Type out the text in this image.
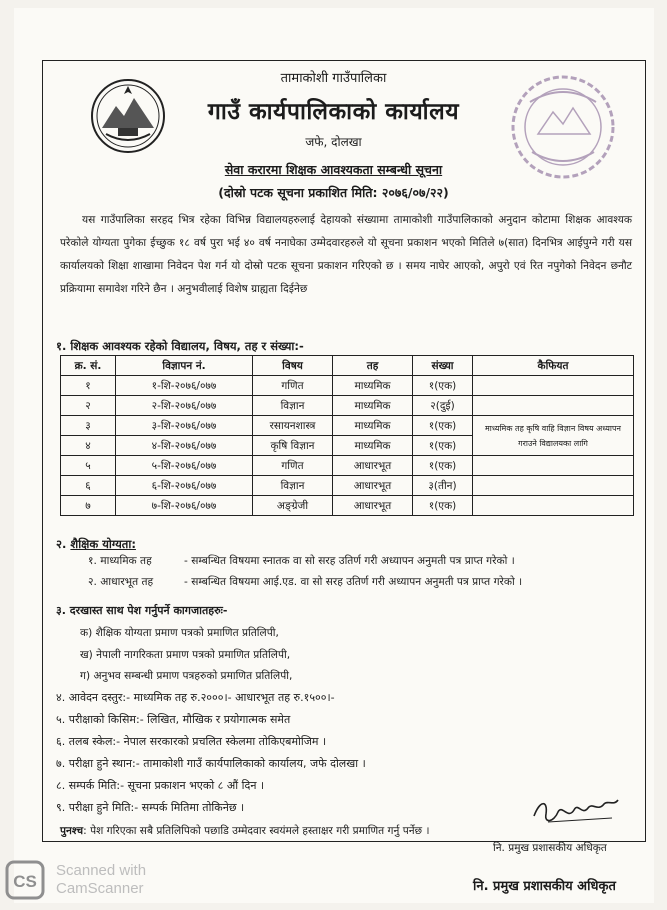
तामाकोशी गाउँपालिका
गाउँ कार्यपालिकाको कार्यालय
जफे, दोलखा
सेवा करारमा शिक्षक आवश्यकता सम्बन्धी सूचना
(दोस्रो पटक सूचना प्रकाशित मिति: २०७६/०७/२२)
यस गाउँपालिका सरहद भित्र रहेका विभिन्न विद्यालयहरुलाई देहायको संख्यामा तामाकोशी गाउँपालिकाको अनुदान कोटामा शिक्षक आवश्यक परेकोले योग्यता पुगेका ईच्छुक १८ वर्ष पुरा भई ४० वर्ष ननाघेका उम्मेदवारहरुले यो सूचना प्रकाशन भएको मितिले ७(सात) दिनभित्र आईपुग्ने गरी यस कार्यालयको शिक्षा शाखामा निवेदन पेश गर्न यो दोस्रो पटक सूचना प्रकाशन गरिएको छ । समय नाघेर आएको, अपुरो एवं रित नपुगेको निवेदन छनौट प्रक्रियामा समावेश गरिने छैन । अनुभवीलाई विशेष ग्राह्यता दिईनेछ
१. शिक्षक आवश्यक रहेको विद्यालय, विषय, तह र संख्या:-
क्र. सं.	विज्ञापन नं.	विषय	तह	संख्या	कैफियत
१	१-शि-२०७६/०७७	गणित	माध्यमिक	१(एक)	
२	२-शि-२०७६/०७७	विज्ञान	माध्यमिक	२(दुई)	
३	३-शि-२०७६/०७७	रसायनशास्त्र	माध्यमिक	१(एक)	माध्यमिक तह कृषि वाहि विज्ञान विषय अध्यापन गराउने विद्यालयका लागि
४	४-शि-२०७६/०७७	कृषि विज्ञान	माध्यमिक	१(एक)	
५	५-शि-२०७६/०७७	गणित	आधारभूत	१(एक)	
६	६-शि-२०७६/०७७	विज्ञान	आधारभूत	३(तीन)	
७	७-शि-२०७६/०७७	अङ्ग्रेजी	आधारभूत	१(एक)	
२. शैक्षिक योग्यता:
१. माध्यमिक तह	- सम्बन्धित विषयमा स्नातक वा सो सरह उतिर्ण गरी अध्यापन अनुमती पत्र प्राप्त गरेको ।
२. आधारभूत तह	- सम्बन्धित विषयमा आई.एड. वा सो सरह उतिर्ण गरी अध्यापन अनुमती पत्र प्राप्त गरेको ।
३. दरखास्त साथ पेश गर्नुपर्ने कागजातहरुः-
क) शैक्षिक योग्यता प्रमाण पत्रको प्रमाणित प्रतिलिपी,
ख) नेपाली नागरिकता प्रमाण पत्रको प्रमाणित प्रतिलिपी,
ग) अनुभव सम्बन्धी प्रमाण पत्रहरुको प्रमाणित प्रतिलिपी,
४. आवेदन दस्तुर:- माध्यमिक तह रु.२०००।- आधारभूत तह रु.१५००।-
५. परीक्षाको किसिम:- लिखित, मौखिक र प्रयोगात्मक समेत
६. तलब स्केल:- नेपाल सरकारको प्रचलित स्केलमा तोकिएबमोजिम ।
७. परीक्षा हुने स्थान:- तामाकोशी गाउँ कार्यपालिकाको कार्यालय, जफे दोलखा ।
८. सम्पर्क मिति:- सूचना प्रकाशन भएको ८ औं दिन ।
९. परीक्षा हुने मिति:- सम्पर्क मितिमा तोकिनेछ ।
पुनश्च: पेश गरिएका सबै प्रतिलिपिको पछाडि उम्मेदवार स्वयंमले हस्ताक्षर गरी प्रमाणित गर्नु पर्नेछ ।
नि. प्रमुख प्रशासकीय अधिकृत
CS
Scanned with
CamScanner	नि. प्रमुख प्रशासकीय अधिकृत
